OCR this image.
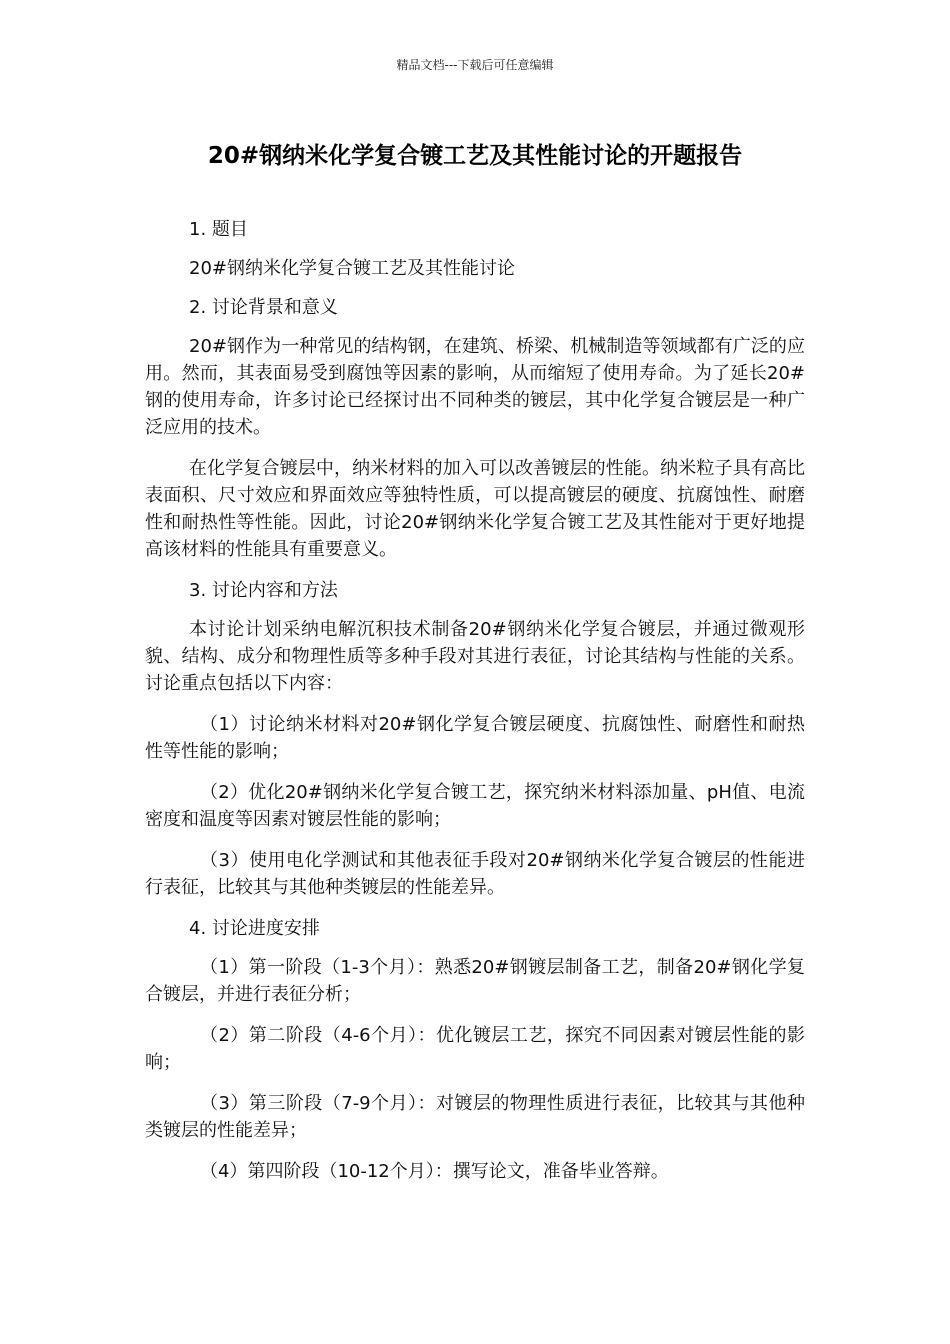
精品文档---下载后可任意编辑
20#钢纳米化学复合镀工艺及其性能讨论的开题报告

1. 题目

20#钢纳米化学复合镀工艺及其性能讨论

2. 讨论背景和意义

20#钢作为一种常见的结构钢，在建筑、桥梁、机械制造等领域都有广泛的应用。然而，其表面易受到腐蚀等因素的影响，从而缩短了使用寿命。为了延长20#钢的使用寿命，许多讨论已经探讨出不同种类的镀层，其中化学复合镀层是一种广泛应用的技术。

在化学复合镀层中，纳米材料的加入可以改善镀层的性能。纳米粒子具有高比表面积、尺寸效应和界面效应等独特性质，可以提高镀层的硬度、抗腐蚀性、耐磨性和耐热性等性能。因此，讨论20#钢纳米化学复合镀工艺及其性能对于更好地提高该材料的性能具有重要意义。

3. 讨论内容和方法

本讨论计划采纳电解沉积技术制备20#钢纳米化学复合镀层，并通过微观形貌、结构、成分和物理性质等多种手段对其进行表征，讨论其结构与性能的关系。讨论重点包括以下内容：

（1）讨论纳米材料对20#钢化学复合镀层硬度、抗腐蚀性、耐磨性和耐热性等性能的影响；

（2）优化20#钢纳米化学复合镀工艺，探究纳米材料添加量、pH值、电流密度和温度等因素对镀层性能的影响；

（3）使用电化学测试和其他表征手段对20#钢纳米化学复合镀层的性能进行表征，比较其与其他种类镀层的性能差异。

4. 讨论进度安排

（1）第一阶段（1-3个月）：熟悉20#钢镀层制备工艺，制备20#钢化学复合镀层，并进行表征分析；

（2）第二阶段（4-6个月）：优化镀层工艺，探究不同因素对镀层性能的影响；

（3）第三阶段（7-9个月）：对镀层的物理性质进行表征，比较其与其他种类镀层的性能差异；

（4）第四阶段（10-12个月）：撰写论文，准备毕业答辩。
